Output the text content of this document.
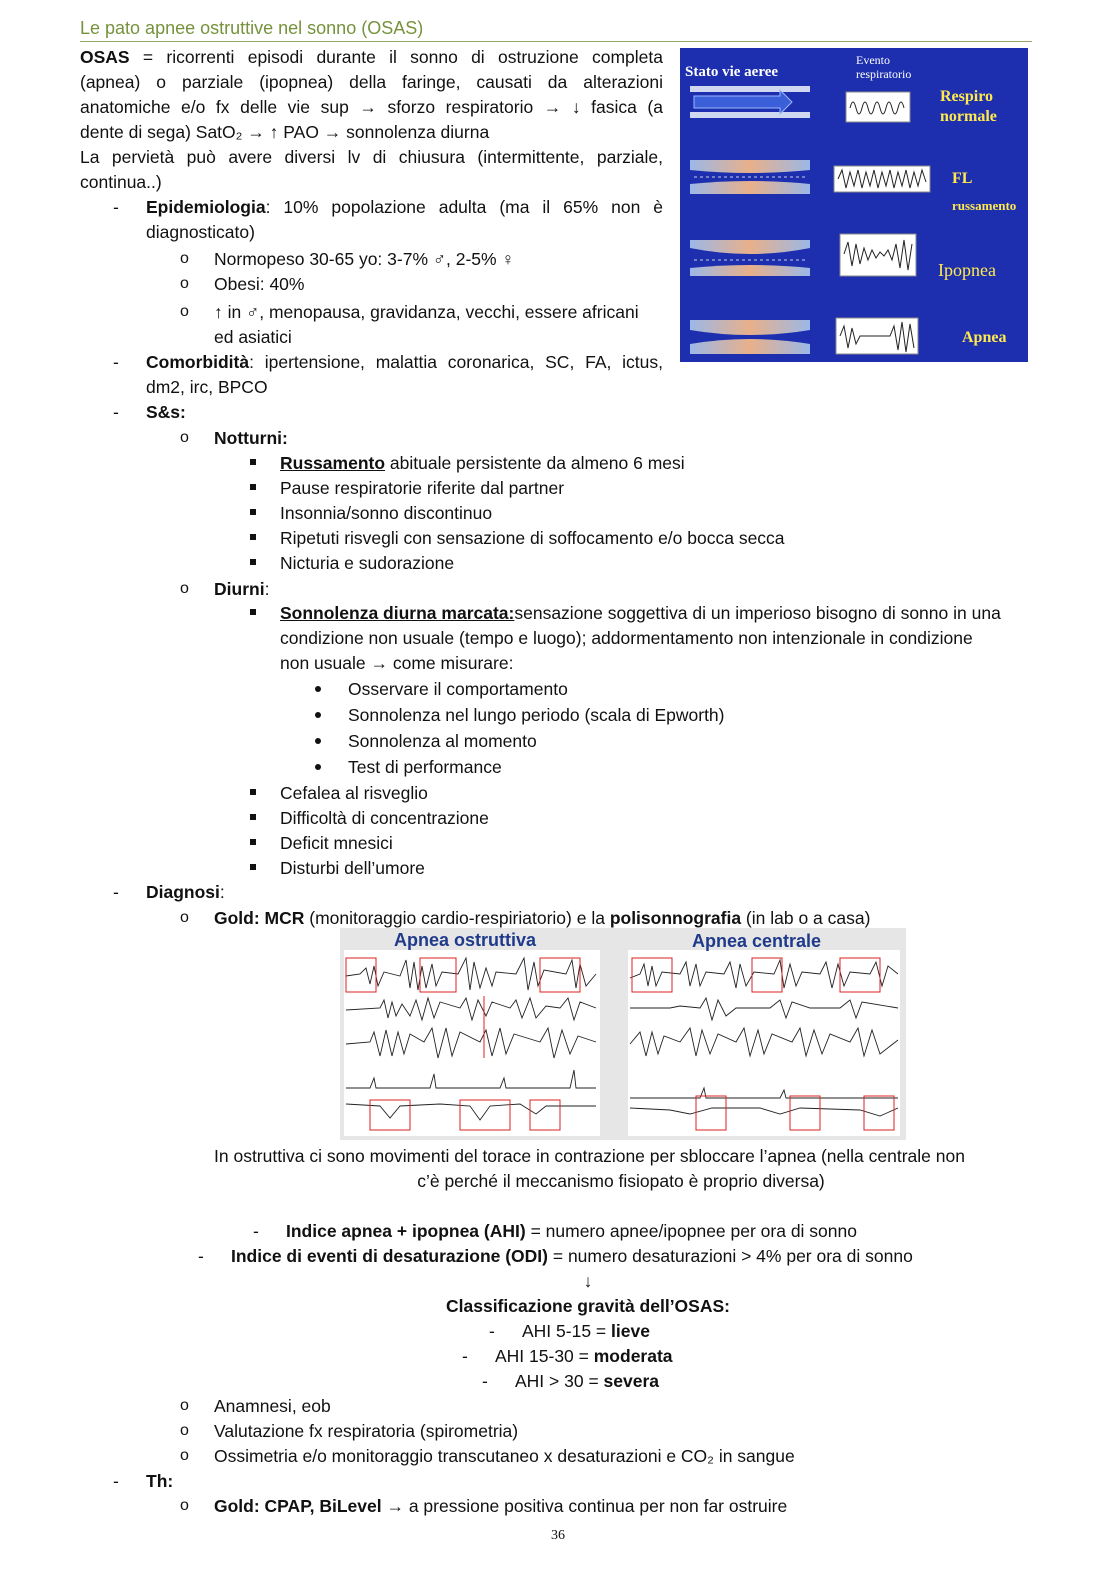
Le pato apnee ostruttive nel sonno (OSAS)
OSAS = ricorrenti episodi durante il sonno di ostruzione completa
(apnea) o parziale (ipopnea) della faringe, causati da alterazioni
anatomiche e/o fx delle vie sup → sforzo respiratorio → ↓ fasica (a
dente di sega) SatO₂ → ↑ PAO → sonnolenza diurna
La pervietà può avere diversi lv di chiusura (intermittente, parziale,
continua..)
- Epidemiologia: 10% popolazione adulta (ma il 65% non è
diagnosticato)
o Normopeso 30-65 yo: 3-7% ♂, 2-5% ♀
o Obesi: 40%
o ↑ in ♂, menopausa, gravidanza, vecchi, essere africani
ed asiatici
- Comorbidità: ipertensione, malattia coronarica, SC, FA, ictus,
dm2, irc, BPCO
- S&s:
o Notturni:
Russamento abituale persistente da almeno 6 mesi
Pause respiratorie riferite dal partner
Insonnia/sonno discontinuo
Ripetuti risvegli con sensazione di soffocamento e/o bocca secca
Nicturia e sudorazione
o Diurni:
Sonnolenza diurna marcata:sensazione soggettiva di un imperioso bisogno di sonno in una
condizione non usuale (tempo e luogo); addormentamento non intenzionale in condizione
non usuale → come misurare:
Osservare il comportamento
Sonnolenza nel lungo periodo (scala di Epworth)
Sonnolenza al momento
Test di performance
Cefalea al risveglio
Difficoltà di concentrazione
Deficit mnesici
Disturbi dell’umore
- Diagnosi:
o Gold: MCR (monitoraggio cardio-respiriatorio) e la polisonnografia (in lab o a casa)
Apnea ostruttiva	Apnea centrale
In ostruttiva ci sono movimenti del torace in contrazione per sbloccare l’apnea (nella centrale non
c’è perché il meccanismo fisiopato è proprio diversa)
- Indice apnea + ipopnea (AHI) = numero apnee/ipopnee per ora di sonno
- Indice di eventi di desaturazione (ODI) = numero desaturazioni > 4% per ora di sonno
↓
Classificazione gravità dell’OSAS:
- AHI 5-15 = lieve
- AHI 15-30 = moderata
- AHI > 30 = severa
o Anamnesi, eob
o Valutazione fx respiratoria (spirometria)
o Ossimetria e/o monitoraggio transcutaneo x desaturazioni e CO₂ in sangue
- Th:
o Gold: CPAP, BiLevel → a pressione positiva continua per non far ostruire
Stato vie aeree
Evento
respiratorio
Respiro
normale
FL
russamento
Ipopnea
Apnea
36
